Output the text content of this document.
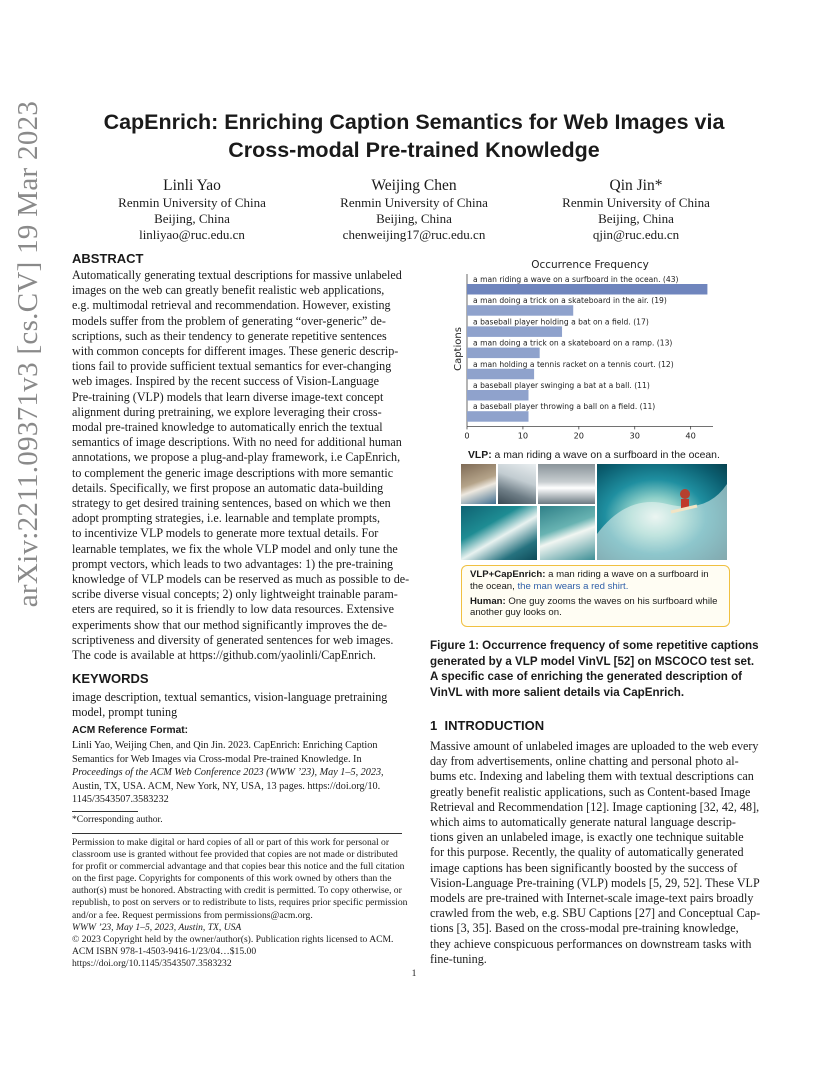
arXiv:2211.09371v3 [cs.CV] 19 Mar 2023	CapEnrich: Enriching Caption Semantics for Web Images via
Cross-modal Pre-trained Knowledge
Linli Yao
Renmin University of China
Beijing, China
linliyao@ruc.edu.cn
Weijing Chen
Renmin University of China
Beijing, China
chenweijing17@ruc.edu.cn
Qin Jin*
Renmin University of China
Beijing, China
qjin@ruc.edu.cn
ABSTRACT
Automatically generating textual descriptions for massive unlabeled
images on the web can greatly benefit realistic web applications,
e.g. multimodal retrieval and recommendation. However, existing
models suffer from the problem of generating “over-generic” de-
scriptions, such as their tendency to generate repetitive sentences
with common concepts for different images. These generic descrip-
tions fail to provide sufficient textual semantics for ever-changing
web images. Inspired by the recent success of Vision-Language
Pre-training (VLP) models that learn diverse image-text concept
alignment during pretraining, we explore leveraging their cross-
modal pre-trained knowledge to automatically enrich the textual
semantics of image descriptions. With no need for additional human
annotations, we propose a plug-and-play framework, i.e CapEnrich,
to complement the generic image descriptions with more semantic
details. Specifically, we first propose an automatic data-building
strategy to get desired training sentences, based on which we then
adopt prompting strategies, i.e. learnable and template prompts,
to incentivize VLP models to generate more textual details. For
learnable templates, we fix the whole VLP model and only tune the
prompt vectors, which leads to two advantages: 1) the pre-training
knowledge of VLP models can be reserved as much as possible to de-
scribe diverse visual concepts; 2) only lightweight trainable param-
eters are required, so it is friendly to low data resources. Extensive
experiments show that our method significantly improves the de-
scriptiveness and diversity of generated sentences for web images.
The code is available at https://github.com/yaolinli/CapEnrich.
KEYWORDS
image description, textual semantics, vision-language pretraining
model, prompt tuning
ACM Reference Format:
Linli Yao, Weijing Chen, and Qin Jin. 2023. CapEnrich: Enriching Caption
Semantics for Web Images via Cross-modal Pre-trained Knowledge. In
Proceedings of the ACM Web Conference 2023 (WWW ’23), May 1–5, 2023,
Austin, TX, USA. ACM, New York, NY, USA, 13 pages. https://doi.org/10.
1145/3543507.3583232
*Corresponding author.
Permission to make digital or hard copies of all or part of this work for personal or
classroom use is granted without fee provided that copies are not made or distributed
for profit or commercial advantage and that copies bear this notice and the full citation
on the first page. Copyrights for components of this work owned by others than the
author(s) must be honored. Abstracting with credit is permitted. To copy otherwise, or
republish, to post on servers or to redistribute to lists, requires prior specific permission
and/or a fee. Request permissions from permissions@acm.org.
WWW ’23, May 1–5, 2023, Austin, TX, USA
© 2023 Copyright held by the owner/author(s). Publication rights licensed to ACM.
ACM ISBN 978-1-4503-9416-1/23/04…$15.00
https://doi.org/10.1145/3543507.3583232
Occurrence Frequency
Captions
a man riding a wave on a surfboard in the ocean. (43)
a man doing a trick on a skateboard in the air. (19)
a baseball player holding a bat on a field. (17)
a man doing a trick on a skateboard on a ramp. (13)
a man holding a tennis racket on a tennis court. (12)
a baseball player swinging a bat at a ball. (11)
a baseball player throwing a ball on a field. (11)
0	10	20	30	40
VLP: a man riding a wave on a surfboard in the ocean.
VLP+CapEnrich: a man riding a wave on a surfboard in
the ocean, the man wears a red shirt.
Human: One guy zooms the waves on his surfboard while
another guy looks on.
Figure 1: Occurrence frequency of some repetitive captions
generated by a VLP model VinVL [52] on MSCOCO test set.
A specific case of enriching the generated description of
VinVL with more salient details via CapEnrich.
1 INTRODUCTION
Massive amount of unlabeled images are uploaded to the web every
day from advertisements, online chatting and personal photo al-
bums etc. Indexing and labeling them with textual descriptions can
greatly benefit realistic applications, such as Content-based Image
Retrieval and Recommendation [12]. Image captioning [32, 42, 48],
which aims to automatically generate natural language descrip-
tions given an unlabeled image, is exactly one technique suitable
for this purpose. Recently, the quality of automatically generated
image captions has been significantly boosted by the success of
Vision-Language Pre-training (VLP) models [5, 29, 52]. These VLP
models are pre-trained with Internet-scale image-text pairs broadly
crawled from the web, e.g. SBU Captions [27] and Conceptual Cap-
tions [3, 35]. Based on the cross-modal pre-training knowledge,
they achieve conspicuous performances on downstream tasks with
fine-tuning.
1
